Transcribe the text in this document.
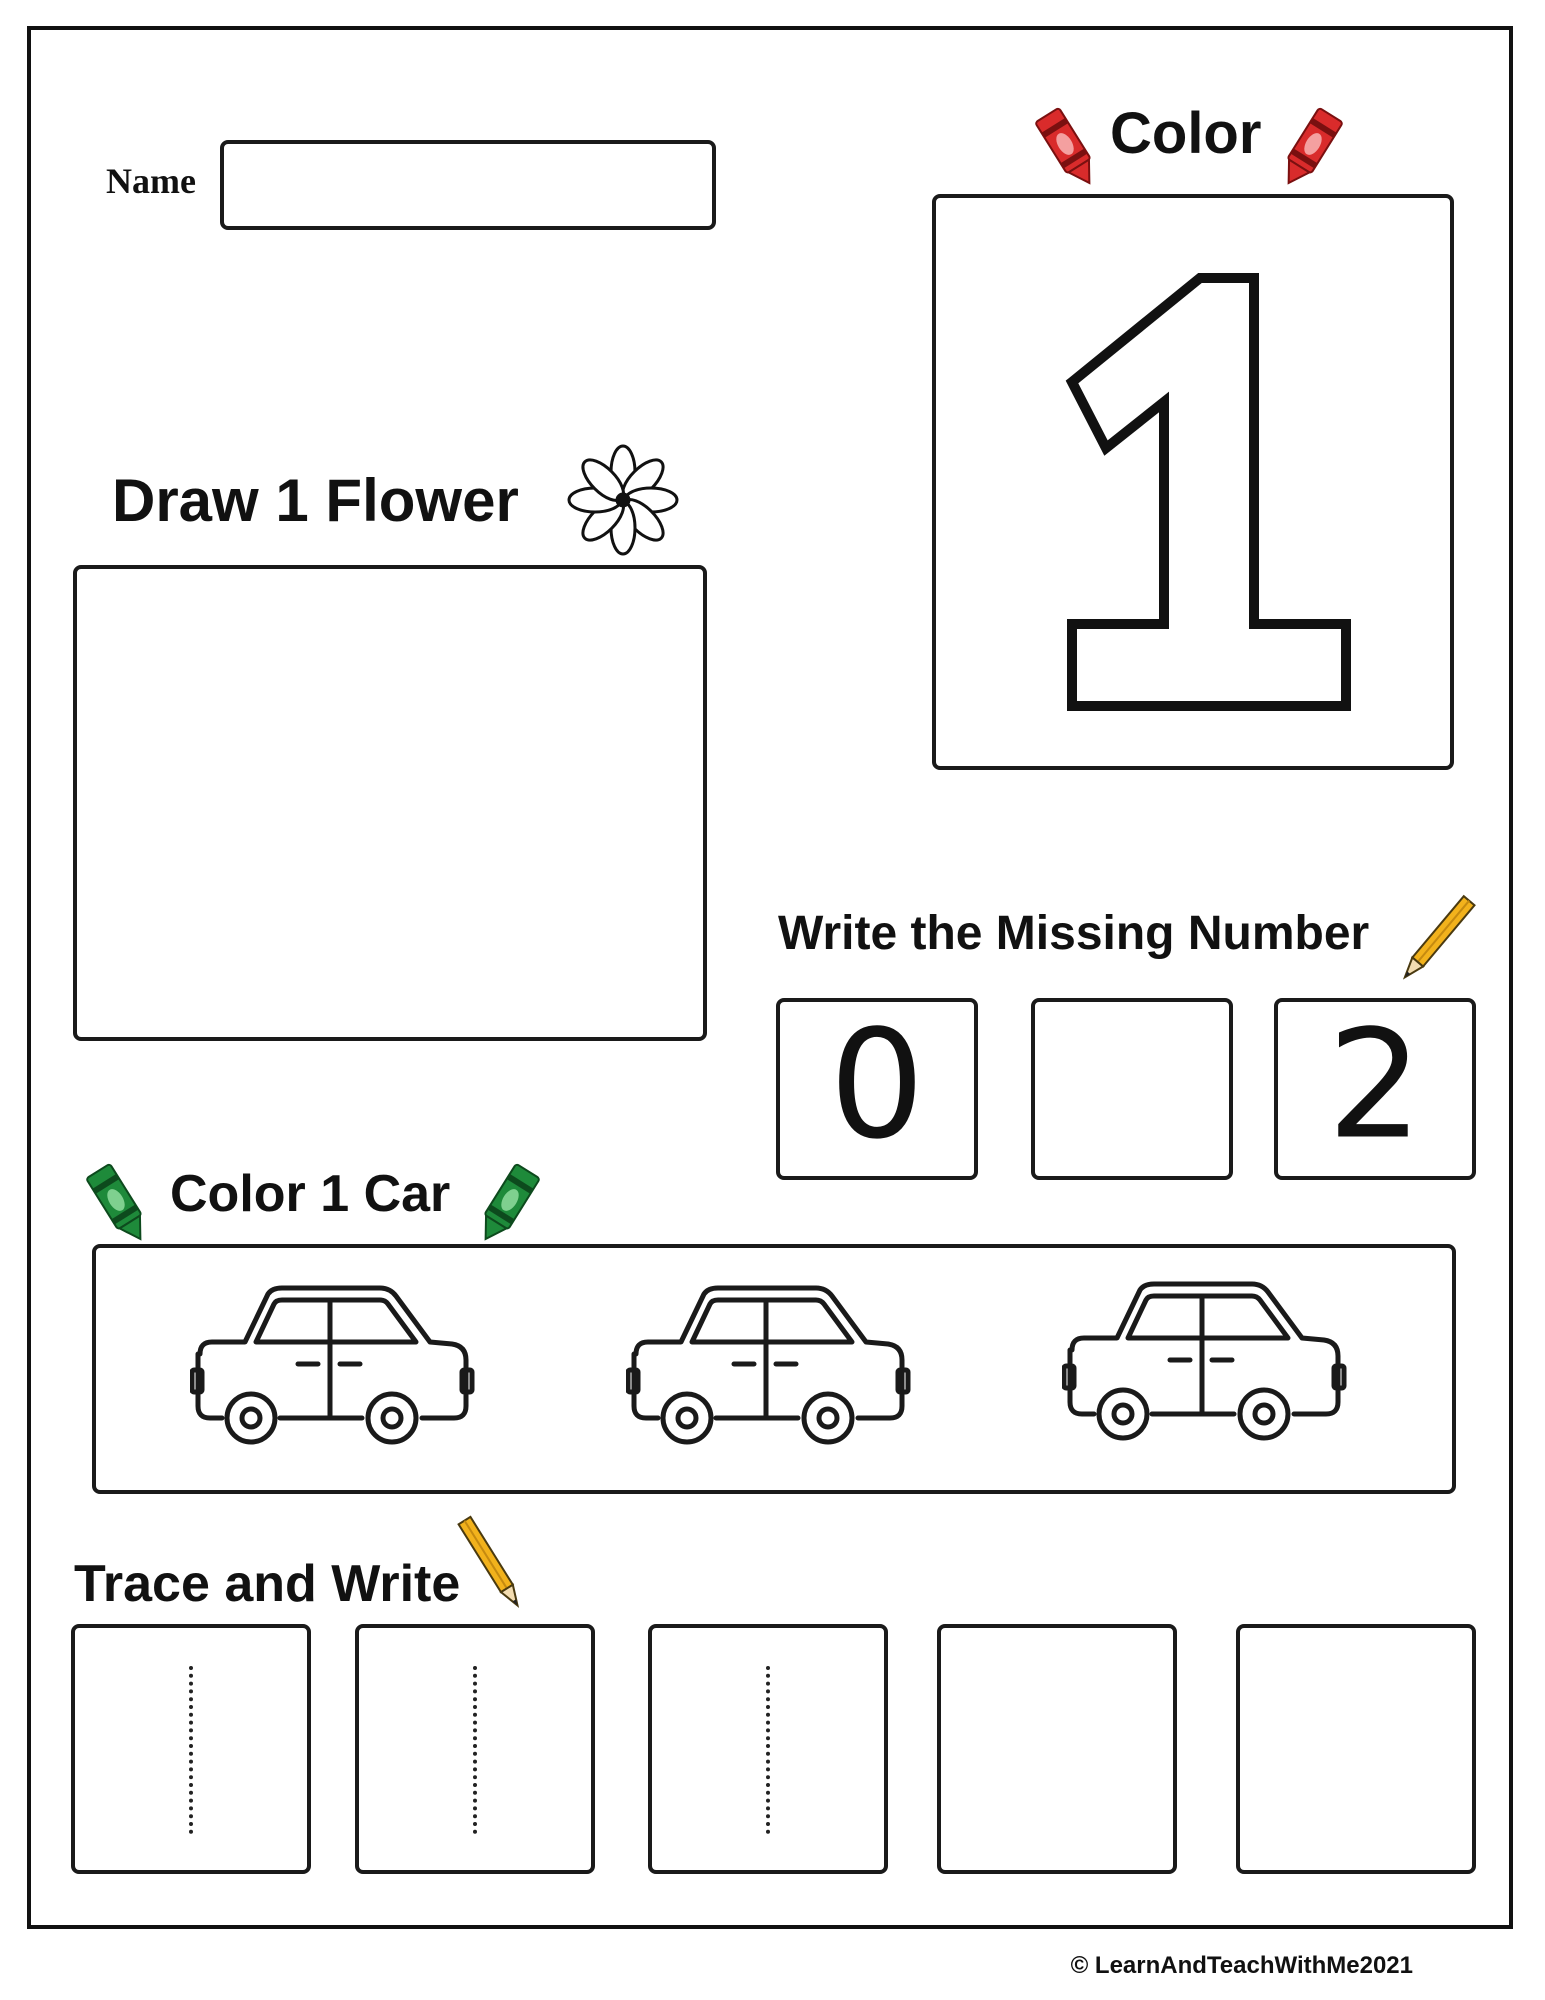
Name
Color
Draw 1 Flower
Write the Missing Number
0	2
Color 1 Car
Trace and Write
© LearnAndTeachWithMe2021
